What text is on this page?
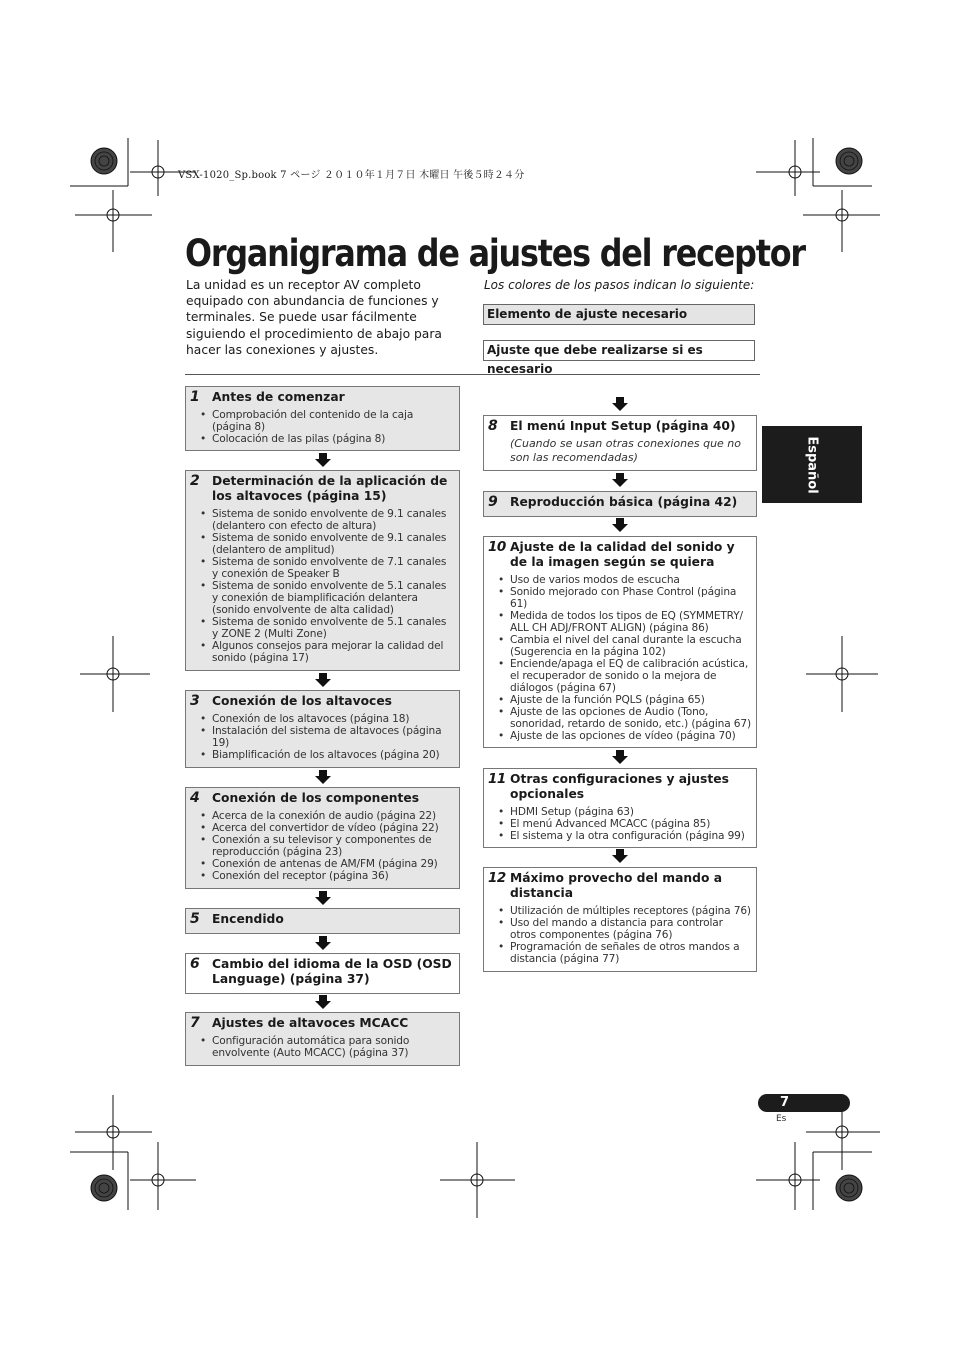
VSX-1020_Sp.book 7 ページ ２０１０年１月７日 木曜日 午後５時２４分
Organigrama de ajustes del receptor
La unidad es un receptor AV completo equipado con abundancia de funciones y terminales. Se puede usar fácilmente siguiendo el procedimiento de abajo para hacer las conexiones y ajustes.
Los colores de los pasos indican lo siguiente:
Elemento de ajuste necesario
Ajuste que debe realizarse si es necesario
1 Antes de comenzar
• Comprobación del contenido de la caja (página 8)
• Colocación de las pilas (página 8)
2 Determinación de la aplicación de los altavoces (página 15)
• Sistema de sonido envolvente de 9.1 canales (delantero con efecto de altura)
• Sistema de sonido envolvente de 9.1 canales (delantero de amplitud)
• Sistema de sonido envolvente de 7.1 canales y conexión de Speaker B
• Sistema de sonido envolvente de 5.1 canales y conexión de biamplificación delantera (sonido envolvente de alta calidad)
• Sistema de sonido envolvente de 5.1 canales y ZONE 2 (Multi Zone)
• Algunos consejos para mejorar la calidad del sonido (página 17)
3 Conexión de los altavoces
• Conexión de los altavoces (página 18)
• Instalación del sistema de altavoces (página 19)
• Biamplificación de los altavoces (página 20)
4 Conexión de los componentes
• Acerca de la conexión de audio (página 22)
• Acerca del convertidor de vídeo (página 22)
• Conexión a su televisor y componentes de reproducción (página 23)
• Conexión de antenas de AM/FM (página 29)
• Conexión del receptor (página 36)
5 Encendido
6 Cambio del idioma de la OSD (OSD Language) (página 37)
7 Ajustes de altavoces MCACC
• Configuración automática para sonido envolvente (Auto MCACC) (página 37)
8 El menú Input Setup (página 40)
(Cuando se usan otras conexiones que no son las recomendadas)
9 Reproducción básica (página 42)
10 Ajuste de la calidad del sonido y de la imagen según se quiera
• Uso de varios modos de escucha
• Sonido mejorado con Phase Control (página 61)
• Medida de todos los tipos de EQ (SYMMETRY/ ALL CH ADJ/FRONT ALIGN) (página 86)
• Cambia el nivel del canal durante la escucha (Sugerencia en la página 102)
• Enciende/apaga el EQ de calibración acústica, el recuperador de sonido o la mejora de diálogos (página 67)
• Ajuste de la función PQLS (página 65)
• Ajuste de las opciones de Audio (Tono, sonoridad, retardo de sonido, etc.) (página 67)
• Ajuste de las opciones de vídeo (página 70)
11 Otras configuraciones y ajustes opcionales
• HDMI Setup (página 63)
• El menú Advanced MCACC (página 85)
• El sistema y la otra configuración (página 99)
12 Máximo provecho del mando a distancia
• Utilización de múltiples receptores (página 76)
• Uso del mando a distancia para controlar otros componentes (página 76)
• Programación de señales de otros mandos a distancia (página 77)
Español
7
Es
